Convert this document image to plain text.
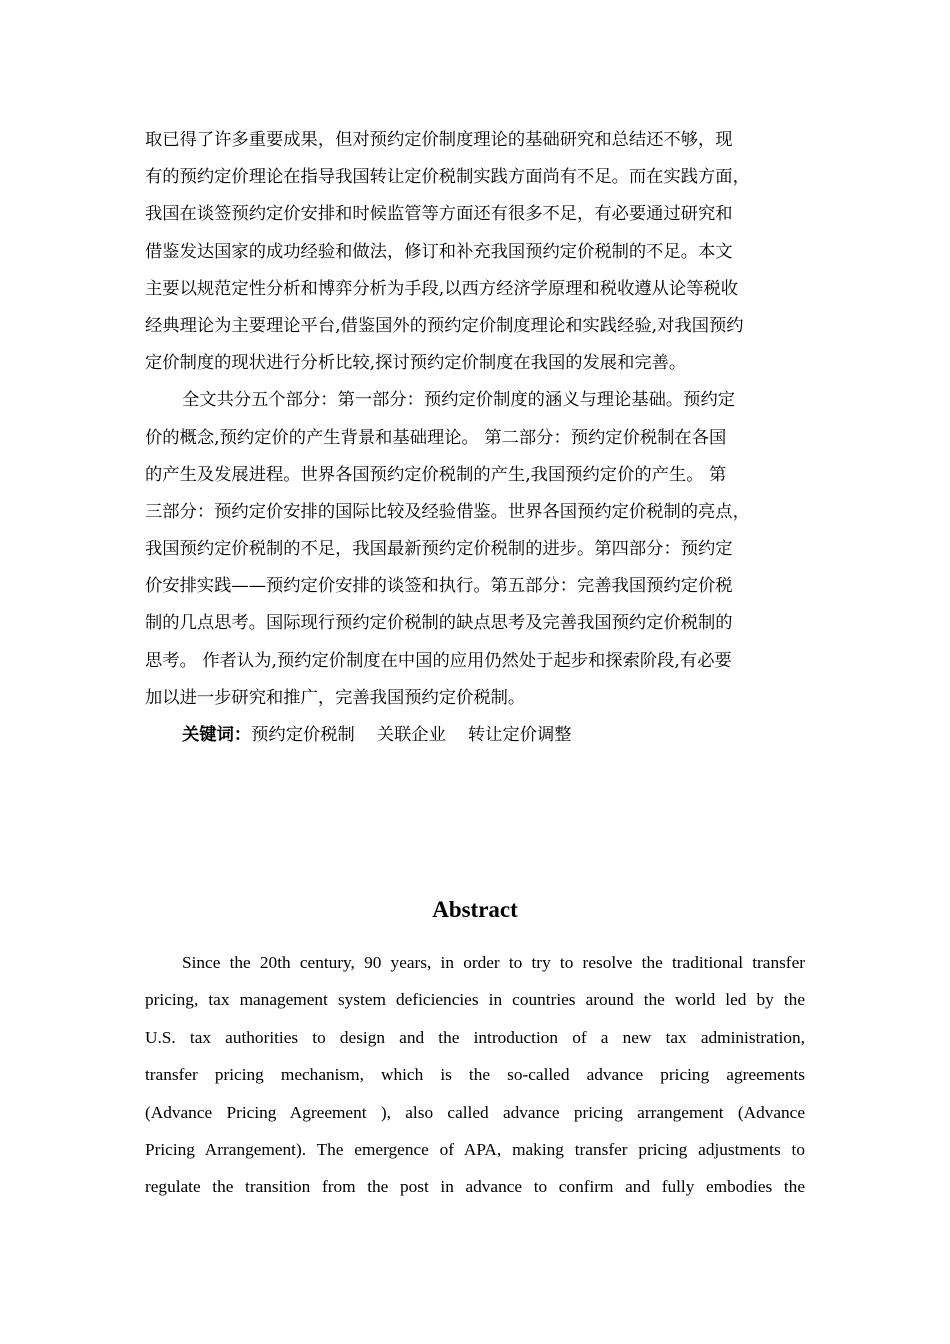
取已得了许多重要成果，但对预约定价制度理论的基础研究和总结还不够，现
有的预约定价理论在指导我国转让定价税制实践方面尚有不足。而在实践方面，
我国在谈签预约定价安排和时候监管等方面还有很多不足，有必要通过研究和
借鉴发达国家的成功经验和做法，修订和补充我国预约定价税制的不足。本文
主要以规范定性分析和博弈分析为手段,以西方经济学原理和税收遵从论等税收
经典理论为主要理论平台,借鉴国外的预约定价制度理论和实践经验,对我国预约
定价制度的现状进行分析比较,探讨预约定价制度在我国的发展和完善。
全文共分五个部分：第一部分：预约定价制度的涵义与理论基础。预约定
价的概念,预约定价的产生背景和基础理论。 第二部分：预约定价税制在各国
的产生及发展进程。世界各国预约定价税制的产生,我国预约定价的产生。 第
三部分：预约定价安排的国际比较及经验借鉴。世界各国预约定价税制的亮点，
我国预约定价税制的不足，我国最新预约定价税制的进步。第四部分：预约定
价安排实践——预约定价安排的谈签和执行。第五部分：完善我国预约定价税
制的几点思考。国际现行预约定价税制的缺点思考及完善我国预约定价税制的
思考。 作者认为,预约定价制度在中国的应用仍然处于起步和探索阶段,有必要
加以进一步研究和推广，完善我国预约定价税制。
关键词：预约定价税制    关联企业    转让定价调整
Abstract
Since the 20th century, 90 years, in order to try to resolve the traditional transfer
pricing, tax management system deficiencies in countries around the world led by the
U.S. tax authorities to design and the introduction of a new tax administration,
transfer pricing mechanism, which is the so-called advance pricing agreements
(Advance Pricing Agreement ), also called advance pricing arrangement (Advance
Pricing Arrangement). The emergence of APA, making transfer pricing adjustments to
regulate the transition from the post in advance to confirm and fully embodies the
